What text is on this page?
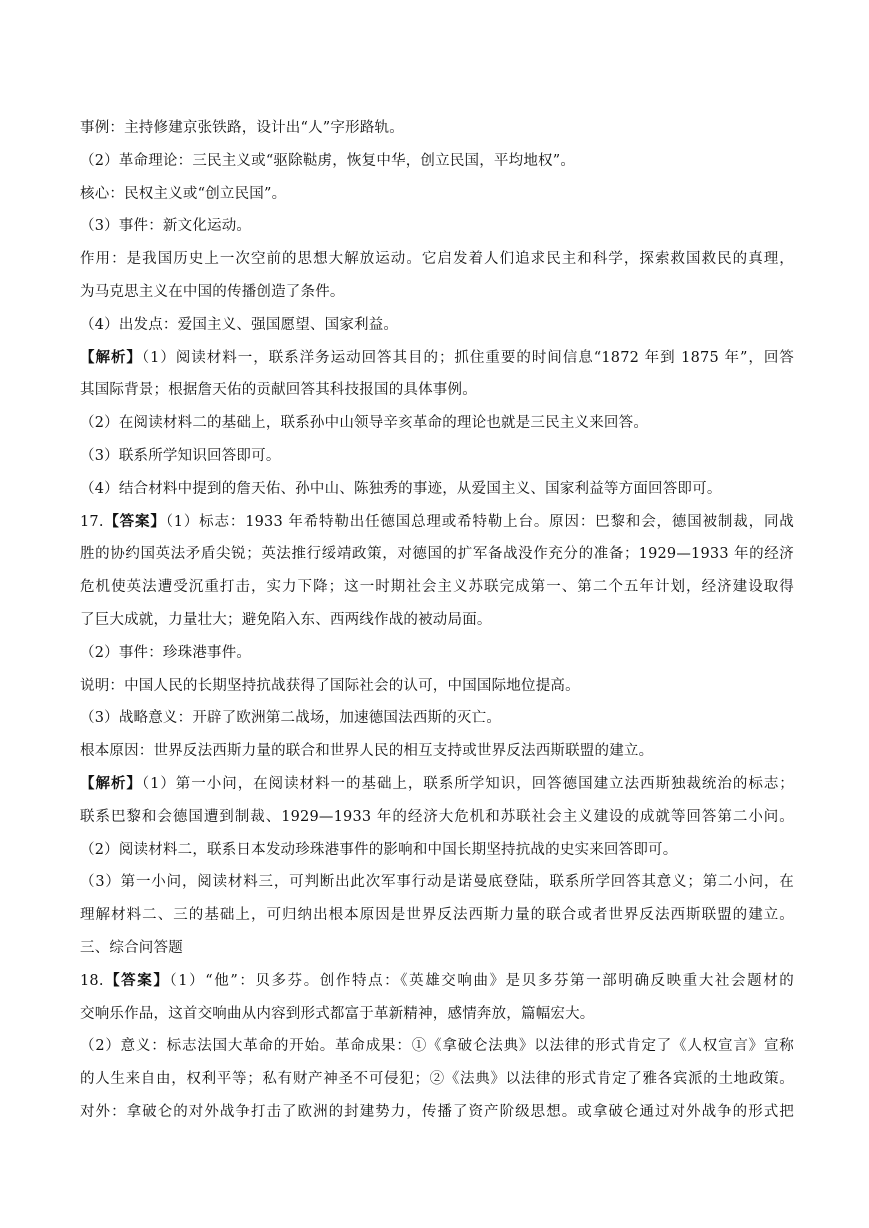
事例：主持修建京张铁路，设计出“人”字形路轨。

（2）革命理论：三民主义或“驱除鞑虏，恢复中华，创立民国，平均地权”。

核心：民权主义或“创立民国”。

（3）事件：新文化运动。

作用：是我国历史上一次空前的思想大解放运动。它启发着人们追求民主和科学，探索救国救民的真理，

为马克思主义在中国的传播创造了条件。

（4）出发点：爱国主义、强国愿望、国家利益。

【解析】（1）阅读材料一，联系洋务运动回答其目的；抓住重要的时间信息“1872 年到 1875 年”，回答

其国际背景；根据詹天佑的贡献回答其科技报国的具体事例。

（2）在阅读材料二的基础上，联系孙中山领导辛亥革命的理论也就是三民主义来回答。

（3）联系所学知识回答即可。

（4）结合材料中提到的詹天佑、孙中山、陈独秀的事迹，从爱国主义、国家利益等方面回答即可。

17.【答案】（1）标志：1933 年希特勒出任德国总理或希特勒上台。原因：巴黎和会，德国被制裁，同战

胜的协约国英法矛盾尖锐；英法推行绥靖政策，对德国的扩军备战没作充分的准备；1929—1933 年的经济

危机使英法遭受沉重打击，实力下降；这一时期社会主义苏联完成第一、第二个五年计划，经济建设取得

了巨大成就，力量壮大；避免陷入东、西两线作战的被动局面。

（2）事件：珍珠港事件。

说明：中国人民的长期坚持抗战获得了国际社会的认可，中国国际地位提高。

（3）战略意义：开辟了欧洲第二战场，加速德国法西斯的灭亡。

根本原因：世界反法西斯力量的联合和世界人民的相互支持或世界反法西斯联盟的建立。

【解析】（1）第一小问，在阅读材料一的基础上，联系所学知识，回答德国建立法西斯独裁统治的标志；

联系巴黎和会德国遭到制裁、1929—1933 年的经济大危机和苏联社会主义建设的成就等回答第二小问。

（2）阅读材料二，联系日本发动珍珠港事件的影响和中国长期坚持抗战的史实来回答即可。

（3）第一小问，阅读材料三，可判断出此次军事行动是诺曼底登陆，联系所学回答其意义；第二小问，在

理解材料二、三的基础上，可归纳出根本原因是世界反法西斯力量的联合或者世界反法西斯联盟的建立。

三、综合问答题

18.【答案】（1）“他”：贝多芬。创作特点：《英雄交响曲》是贝多芬第一部明确反映重大社会题材的

交响乐作品，这首交响曲从内容到形式都富于革新精神，感情奔放，篇幅宏大。

（2）意义：标志法国大革命的开始。革命成果：①《拿破仑法典》以法律的形式肯定了《人权宣言》宣称

的人生来自由，权利平等；私有财产神圣不可侵犯；②《法典》以法律的形式肯定了雅各宾派的土地政策。

对外：拿破仑的对外战争打击了欧洲的封建势力，传播了资产阶级思想。或拿破仑通过对外战争的形式把
